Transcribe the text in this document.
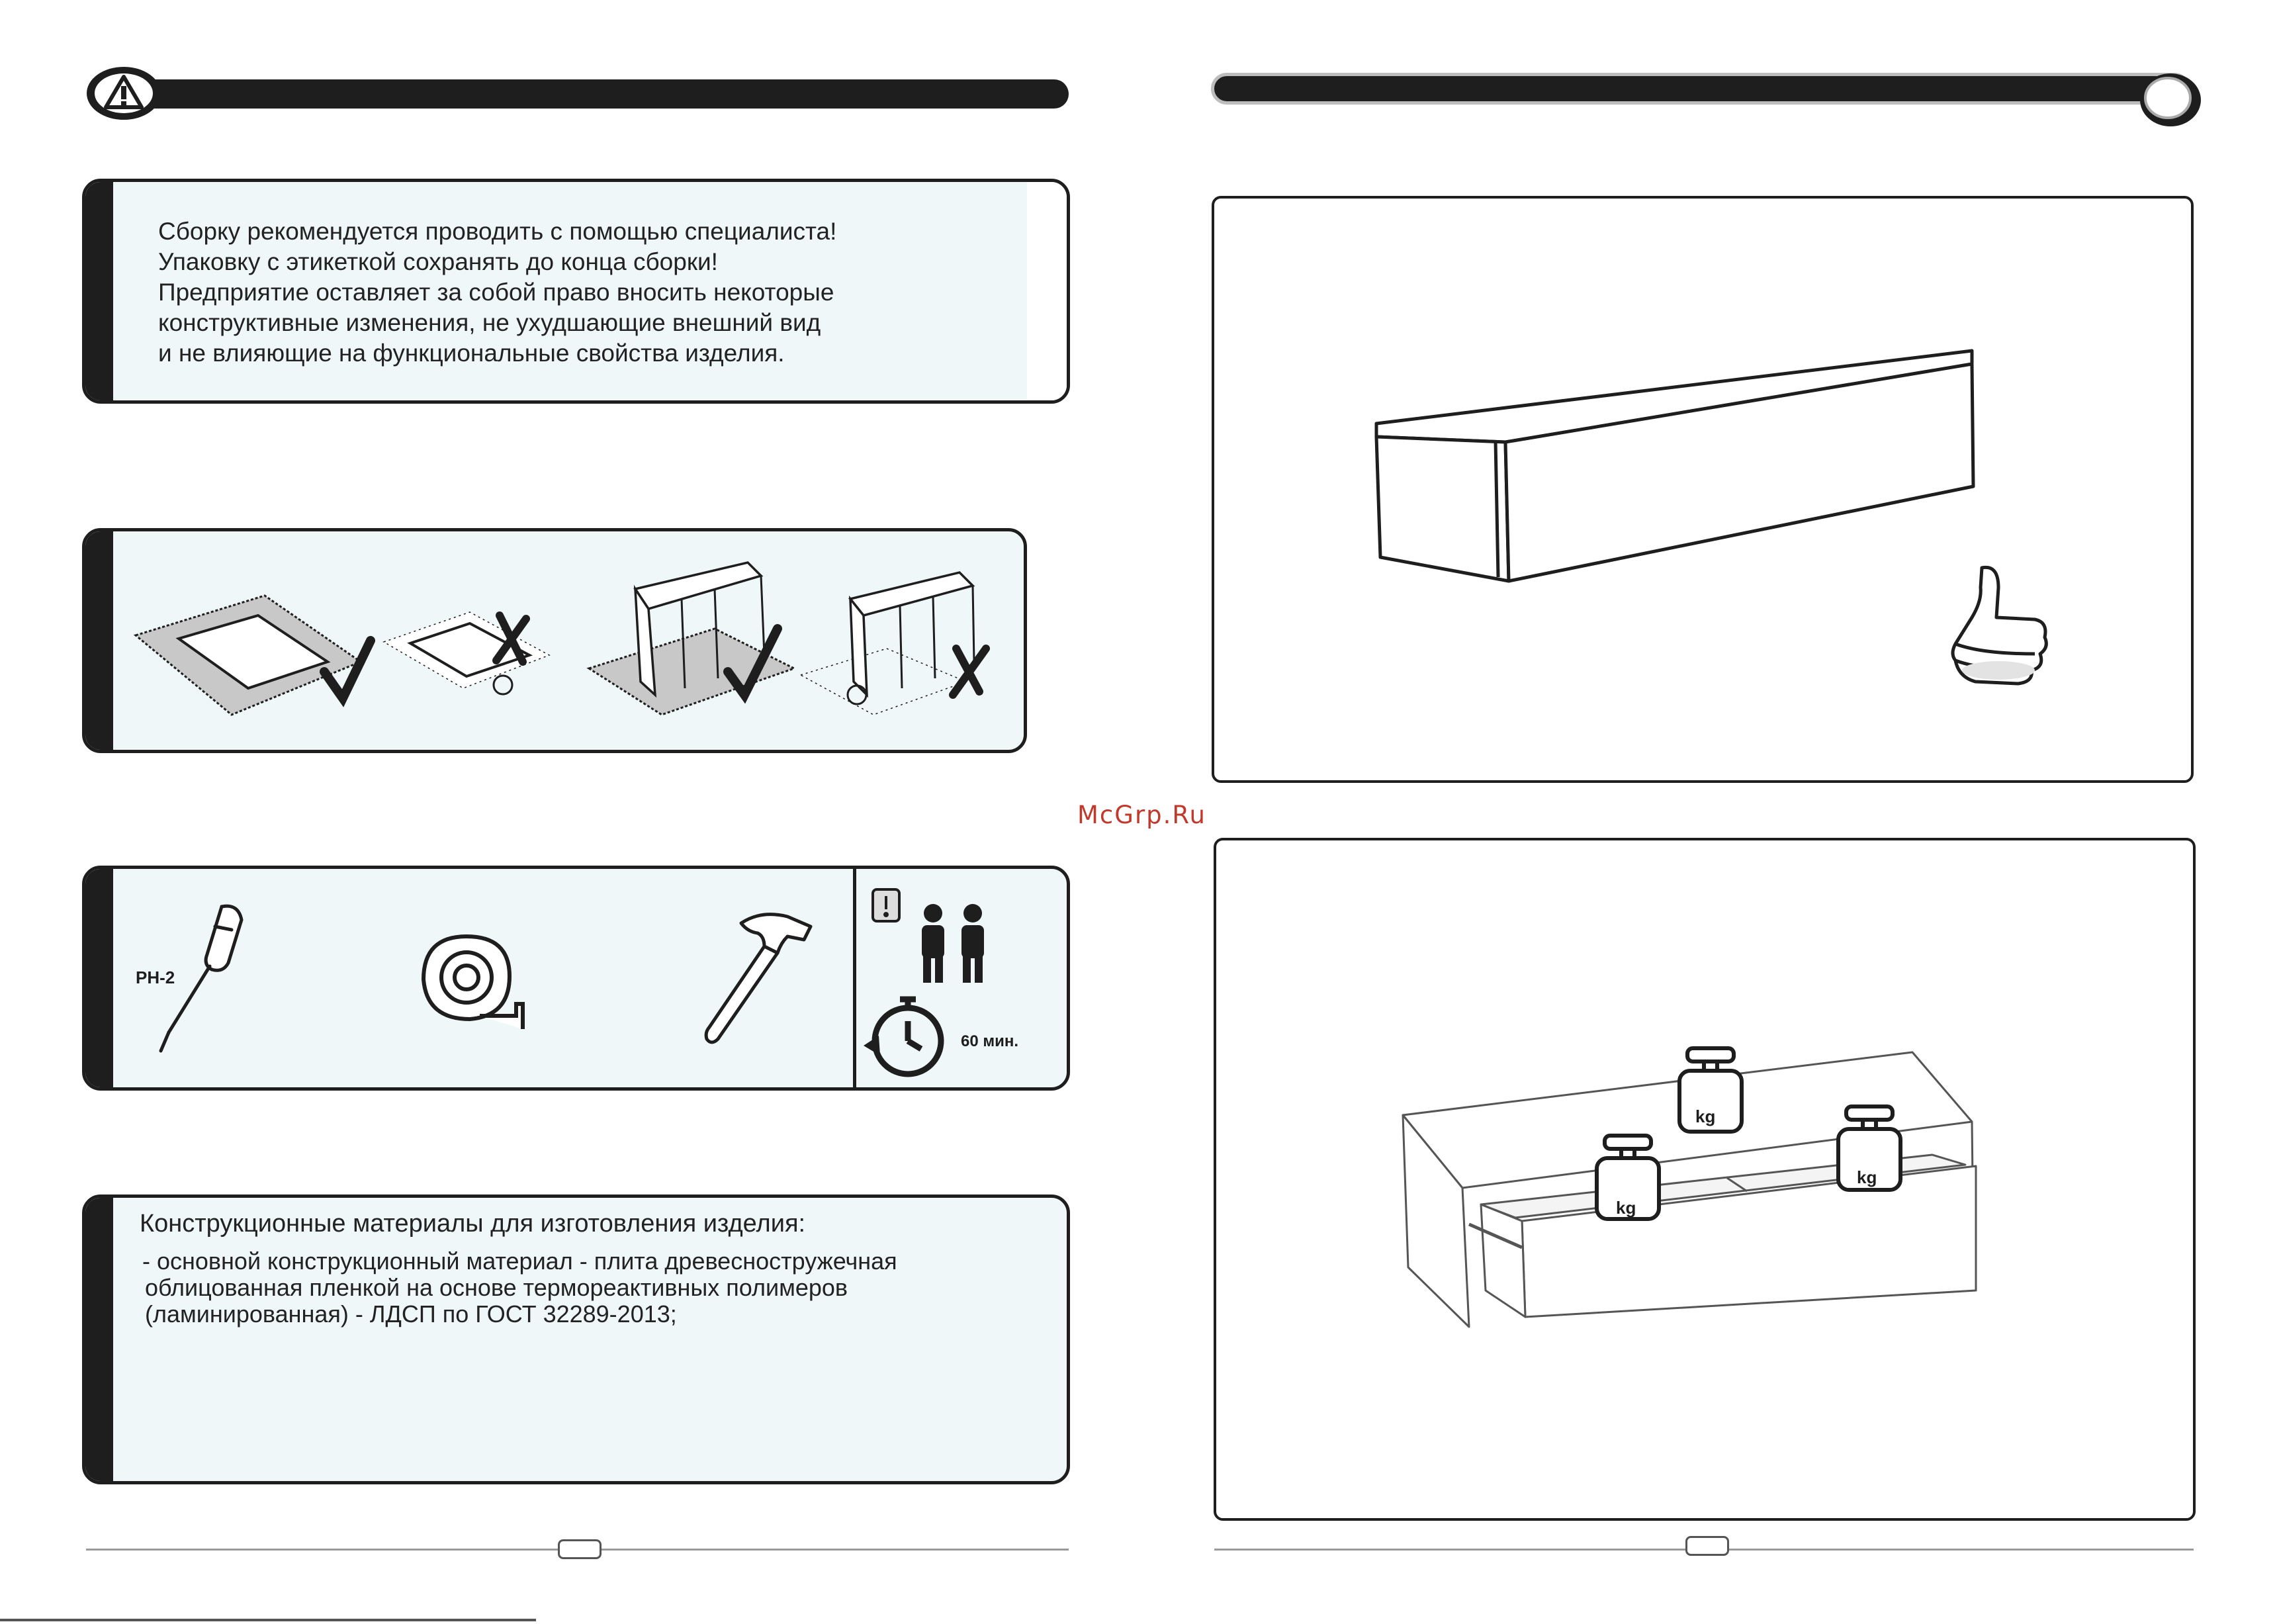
Сборку рекомендуется проводить с помощью специалиста!
Упаковку с этикеткой сохранять до конца сборки!
Предприятие оставляет за собой право вносить некоторые
конструктивные изменения, не ухудшающие внешний вид
и не влияющие на функциональные свойства изделия.
PH-2
60 мин.
Конструкционные материалы для изготовления изделия:
- основной конструкционный материал - плита древесностружечная
облицованная пленкой на основе термореактивных полимеров
(ламинированная) - ЛДСП по ГОСТ 32289-2013;
McGrp.Ru
kg
kg
kg
